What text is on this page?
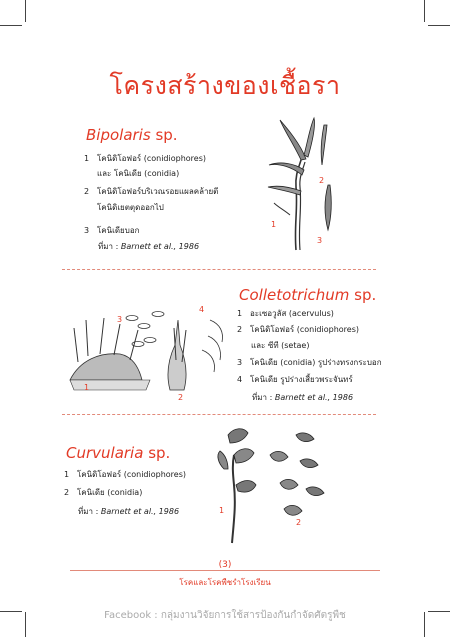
โครงสร้างของเชื้อรา
Bipolaris sp.
1 โคนิดิโอฟอร์ (conidiophores)
และ โคนิเดีย (conidia)
2 โคนิดิโอฟอร์บริเวณรอยแผลคล้ายตี
โคนิดิเยตตุดออกไป
3 โคนิเดียบอก
ที่มา : Barnett et al., 1986
1
2
3
Colletotrichum sp.
1 อะเซอวูลัส (acervulus)
2 โคนิดิโอฟอร์ (conidiophores)
และ ซีที (setae)
3 โคนิเดีย (conidia) รูปร่างทรงกระบอก
4 โคนิเดีย รูปร่างเสี้ยวพระจันทร์
ที่มา : Barnett et al., 1986
1
2
3
4
Curvularia sp.
1 โคนิดิโอฟอร์ (conidiophores)
2 โคนิเดีย (conidia)
ที่มา : Barnett et al., 1986	1
2
(3)
โรคและโรคพืชรำโรงเรียน
Facebook : กลุ่มงานวิจัยการใช้สารป้องกันกำจัดศัตรูพืช
